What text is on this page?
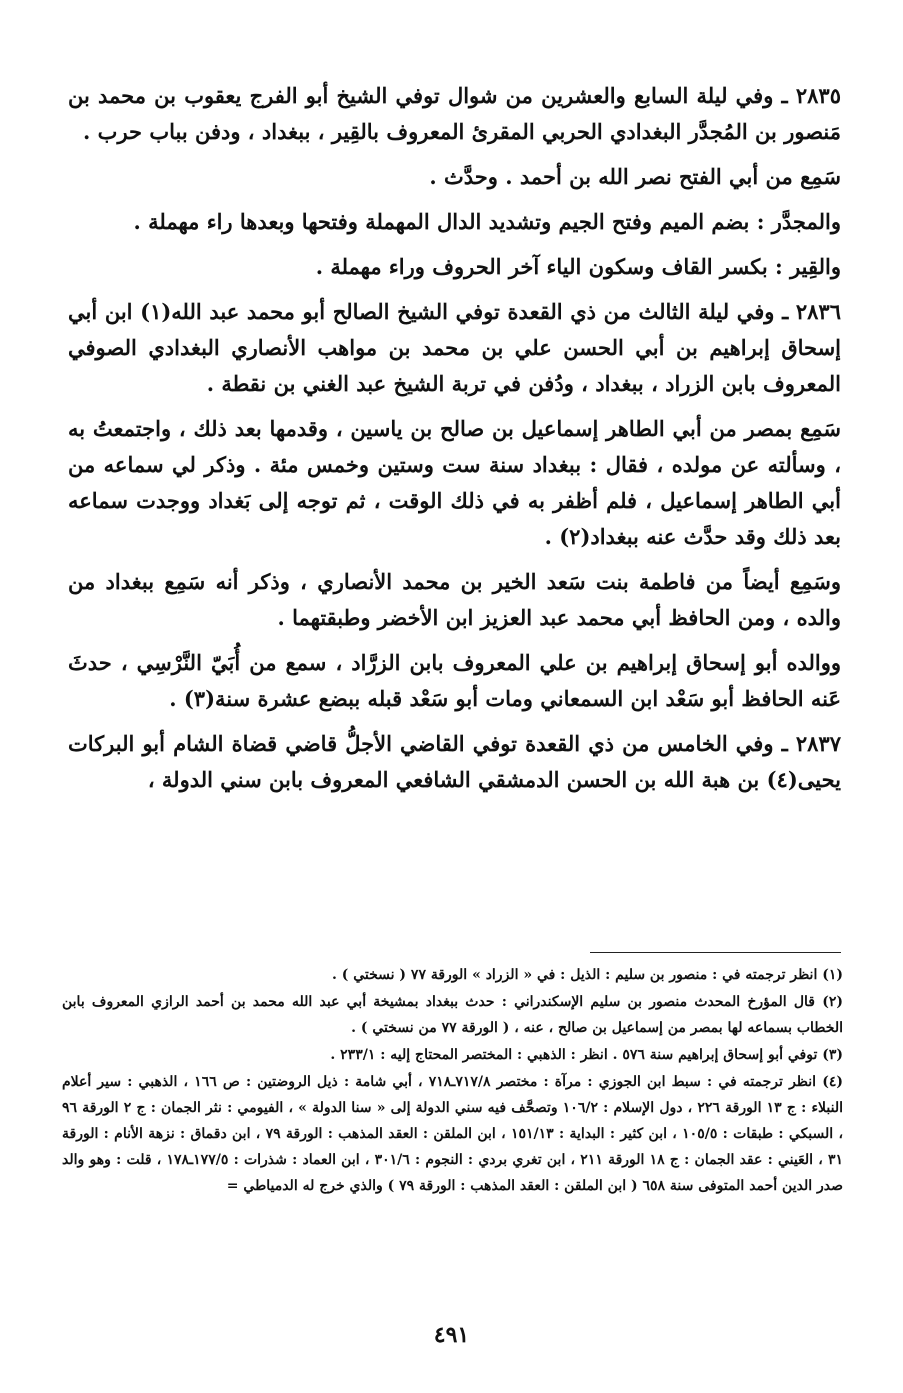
٢٨٣٥ ـ وفي ليلة السابع والعشرين من شوال توفي الشيخ أبو الفرج يعقوب بن محمد بن مَنصور بن المُجدَّر البغدادي الحربي المقرئ المعروف بالقِير ، ببغداد ، ودفن بباب حرب .

سَمِع من أبي الفتح نصر الله بن أحمد . وحدَّث .

والمجدَّر : بضم الميم وفتح الجيم وتشديد الدال المهملة وفتحها وبعدها راء مهملة .

والقِير : بكسر القاف وسكون الياء آخر الحروف وراء مهملة .

٢٨٣٦ ـ وفي ليلة الثالث من ذي القعدة توفي الشيخ الصالح أبو محمد عبد الله(١) ابن أبي إسحاق إبراهيم بن أبي الحسن علي بن محمد بن مواهب الأنصاري البغدادي الصوفي المعروف بابن الزراد ، ببغداد ، ودُفن في تربة الشيخ عبد الغني بن نقطة .

سَمِع بمصر من أبي الطاهر إسماعيل بن صالح بن ياسين ، وقدمها بعد ذلك ، واجتمعتُ به ، وسألته عن مولده ، فقال : ببغداد سنة ست وستين وخمس مئة . وذكر لي سماعه من أبي الطاهر إسماعيل ، فلم أظفر به في ذلك الوقت ، ثم توجه إلى بَغداد ووجدت سماعه بعد ذلك وقد حدَّث عنه ببغداد(٢) .

وسَمِع أيضاً من فاطمة بنت سَعد الخير بن محمد الأنصاري ، وذكر أنه سَمِع ببغداد من والده ، ومن الحافظ أبي محمد عبد العزيز ابن الأخضر وطبقتهما .

ووالده أبو إسحاق إبراهيم بن علي المعروف بابن الزرَّاد ، سمع من أُبَيّ النَّرْسِي ، حدثَ عَنه الحافظ أبو سَعْد ابن السمعاني ومات أبو سَعْد قبله ببضع عشرة سنة(٣) .

٢٨٣٧ ـ وفي الخامس من ذي القعدة توفي القاضي الأجلُّ قاضي قضاة الشام أبو البركات يحيى(٤) بن هبة الله بن الحسن الدمشقي الشافعي المعروف بابن سني الدولة ،

(١) انظر ترجمته في : منصور بن سليم : الذيل : في « الزراد » الورقة ٧٧ ( نسختي ) .

(٢) قال المؤرخ المحدث منصور بن سليم الإسكندراني : حدث ببغداد بمشيخة أبي عبد الله محمد بن أحمد الرازي المعروف بابن الخطاب بسماعه لها بمصر من إسماعيل بن صالح ، عنه ، ( الورقة ٧٧ من نسختي ) .

(٣) توفي أبو إسحاق إبراهيم سنة ٥٧٦ . انظر : الذهبي : المختصر المحتاج إليه : ٢٣٣/١ .

(٤) انظر ترجمته في : سبط ابن الجوزي : مرآة : مختصر ٧١٧/٨ـ٧١٨ ، أبي شامة : ذيل الروضتين : ص ١٦٦ ، الذهبي : سير أعلام النبلاء : ج ١٣ الورقة ٢٢٦ ، دول الإسلام : ١٠٦/٢ وتصحَّف فيه سني الدولة إلى « سنا الدولة » ، الفيومي : نثر الجمان : ج ٢ الورقة ٩٦ ، السبكي : طبقات : ١٠٥/٥ ، ابن كثير : البداية : ١٥١/١٣ ، ابن الملقن : العقد المذهب : الورقة ٧٩ ، ابن دقماق : نزهة الأنام : الورقة ٣١ ، العَيني : عقد الجمان : ج ١٨ الورقة ٢١١ ، ابن تغري بردي : النجوم : ٣٠١/٦ ، ابن العماد : شذرات : ١٧٧/٥ـ١٧٨ ، قلت : وهو والد صدر الدين أحمد المتوفى سنة ٦٥٨ ( ابن الملقن : العقد المذهب : الورقة ٧٩ ) والذي خرج له الدمياطي =

٤٩١
